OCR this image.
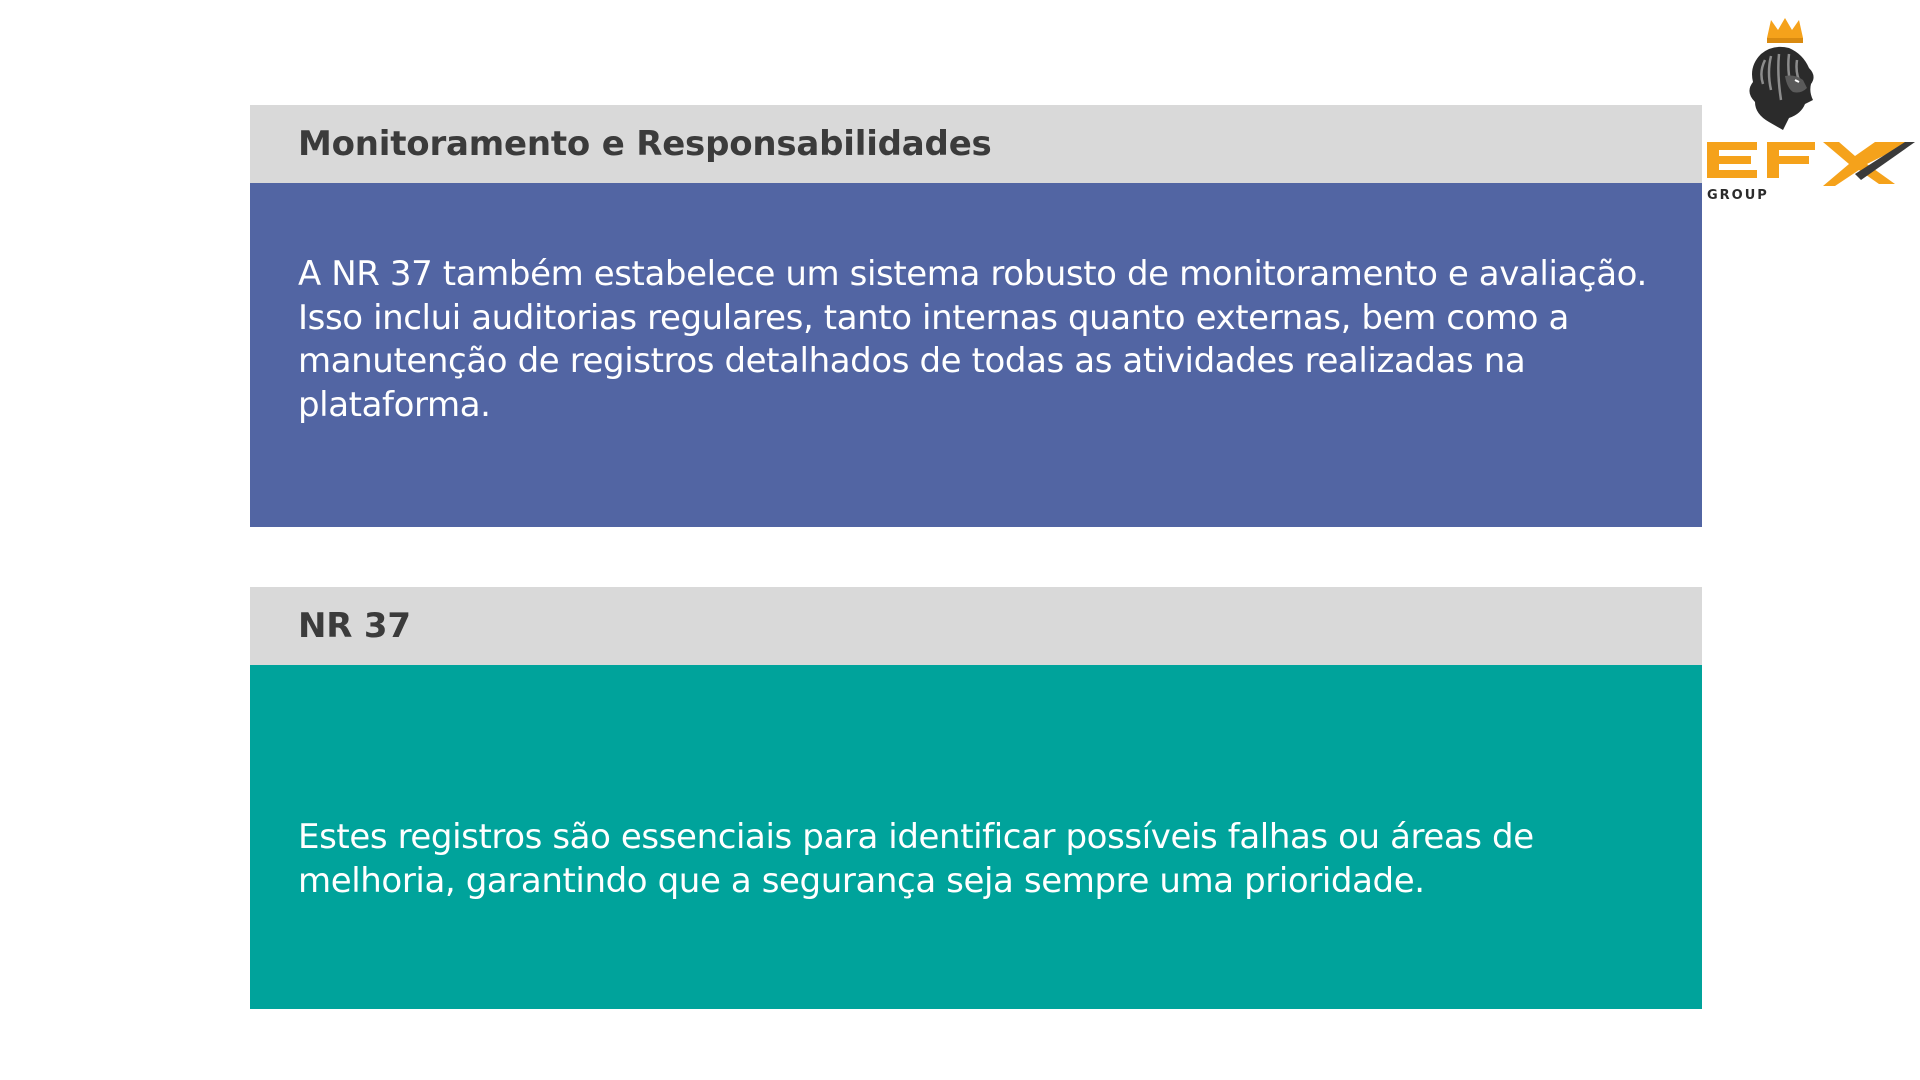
Monitoramento e Responsabilidades
A NR 37 também estabelece um sistema robusto de monitoramento e avaliação. Isso inclui auditorias regulares, tanto internas quanto externas, bem como a manutenção de registros detalhados de todas as atividades realizadas na plataforma.
NR 37
Estes registros são essenciais para identificar possíveis falhas ou áreas de melhoria, garantindo que a segurança seja sempre uma prioridade.
GROUP
